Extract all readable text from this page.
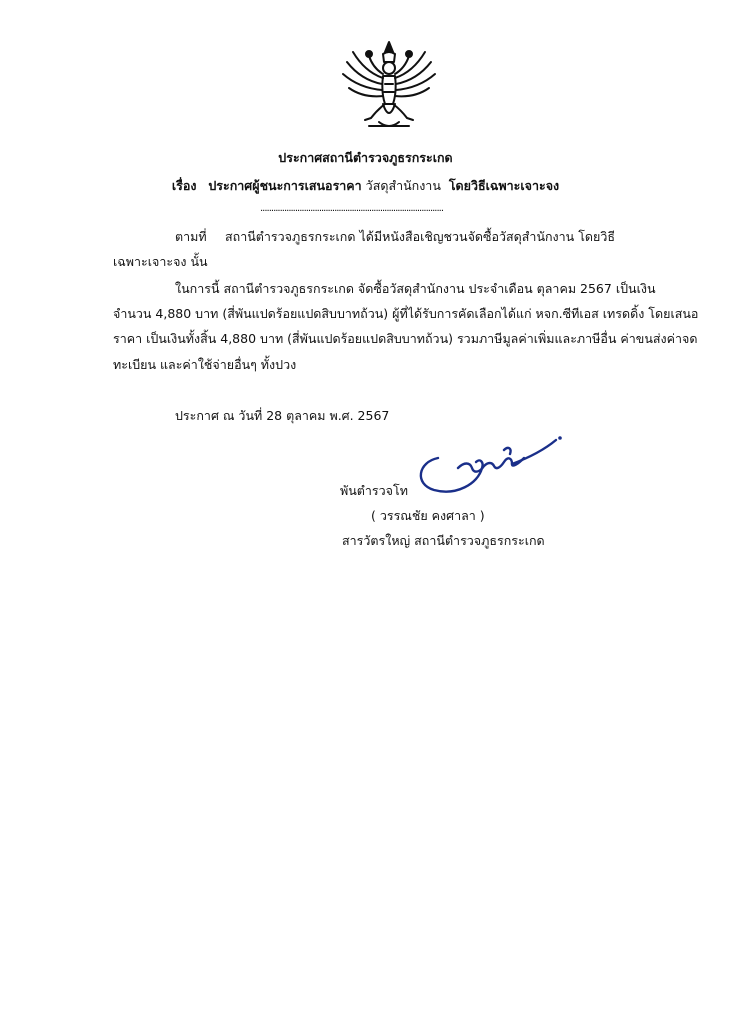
ประกาศสถานีตำรวจภูธรกระเกด
เรื่อง ประกาศผู้ชนะการเสนอราคา วัสดุสำนักงาน โดยวิธีเฉพาะเจาะจง
....................................................................................
ตามที่ สถานีตำรวจภูธรกระเกด ได้มีหนังสือเชิญชวนจัดซื้อวัสดุสำนักงาน โดยวิธี
เฉพาะเจาะจง นั้น
ในการนี้ สถานีตำรวจภูธรกระเกด จัดซื้อวัสดุสำนักงาน ประจำเดือน ตุลาคม 2567 เป็นเงิน
จำนวน 4,880 บาท (สี่พันแปดร้อยแปดสิบบาทถ้วน) ผู้ที่ได้รับการคัดเลือกได้แก่ หจก.ซีทีเอส เทรดดิ้ง โดยเสนอ
ราคา เป็นเงินทั้งสิ้น 4,880 บาท (สี่พันแปดร้อยแปดสิบบาทถ้วน) รวมภาษีมูลค่าเพิ่มและภาษีอื่น ค่าขนส่งค่าจด
ทะเบียน และค่าใช้จ่ายอื่นๆ ทั้งปวง
ประกาศ ณ วันที่ 28 ตุลาคม พ.ศ. 2567
พันตำรวจโท
( วรรณชัย คงศาลา )
สารวัตรใหญ่ สถานีตำรวจภูธรกระเกด
